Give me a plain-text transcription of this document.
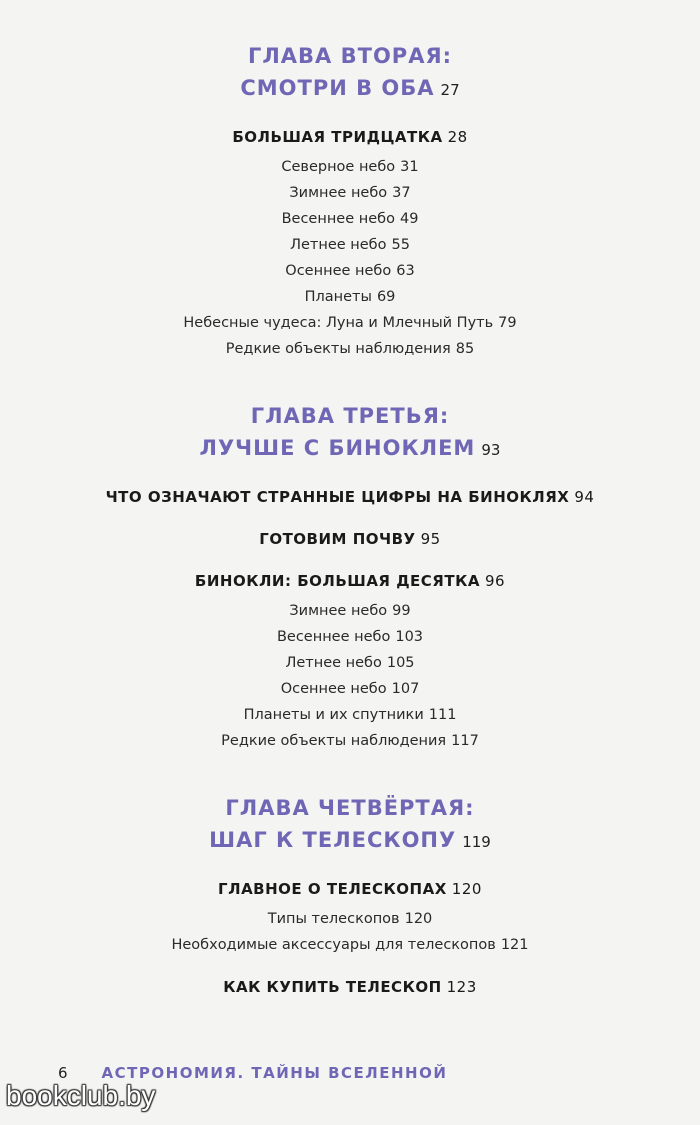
ГЛАВА ВТОРАЯ:
СМОТРИ В ОБА 27
БОЛЬШАЯ ТРИДЦАТКА 28
Северное небо 31
Зимнее небо 37
Весеннее небо 49
Летнее небо 55
Осеннее небо 63
Планеты 69
Небесные чудеса: Луна и Млечный Путь 79
Редкие объекты наблюдения 85
ГЛАВА ТРЕТЬЯ:
ЛУЧШЕ С БИНОКЛЕМ 93
ЧТО ОЗНАЧАЮТ СТРАННЫЕ ЦИФРЫ НА БИНОКЛЯХ 94
ГОТОВИМ ПОЧВУ 95
БИНОКЛИ: БОЛЬШАЯ ДЕСЯТКА 96
Зимнее небо 99
Весеннее небо 103
Летнее небо 105
Осеннее небо 107
Планеты и их спутники 111
Редкие объекты наблюдения 117
ГЛАВА ЧЕТВЁРТАЯ:
ШАГ К ТЕЛЕСКОПУ 119
ГЛАВНОЕ О ТЕЛЕСКОПАХ 120
Типы телескопов 120
Необходимые аксессуары для телескопов 121
КАК КУПИТЬ ТЕЛЕСКОП 123
6 АСТРОНОМИЯ. ТАЙНЫ ВСЕЛЕННОЙ
bookclub.by
